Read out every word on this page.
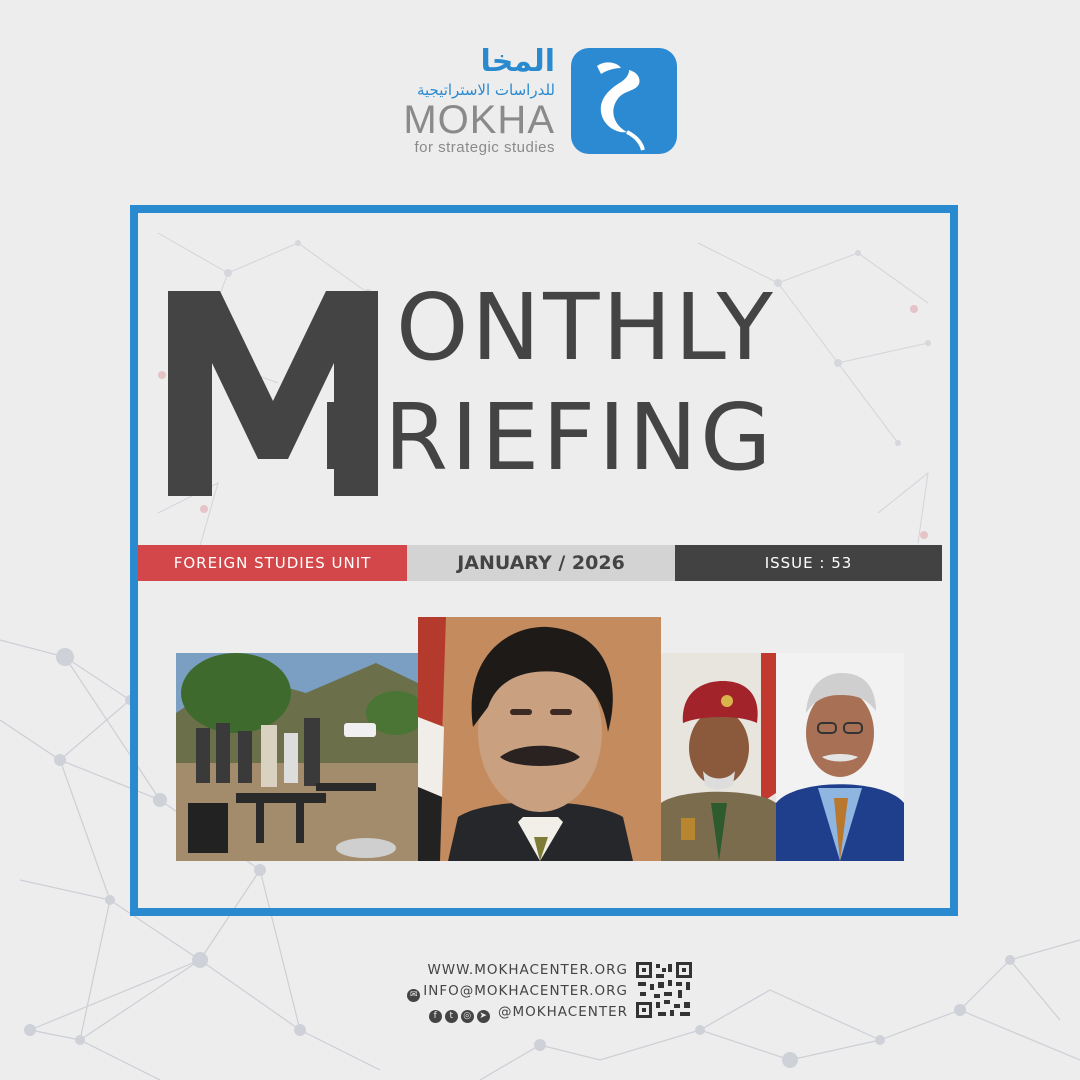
المخا
للدراسات الاستراتيجية
MOKHA
for strategic studies
ONTHLY
BRIEFING
FOREIGN STUDIES UNIT	JANUARY / 2026	ISSUE : 53
WWW.MOKHACENTER.ORG
✉ INFO@MOKHACENTER.ORG
f t ◎ ➤ @MOKHACENTER
